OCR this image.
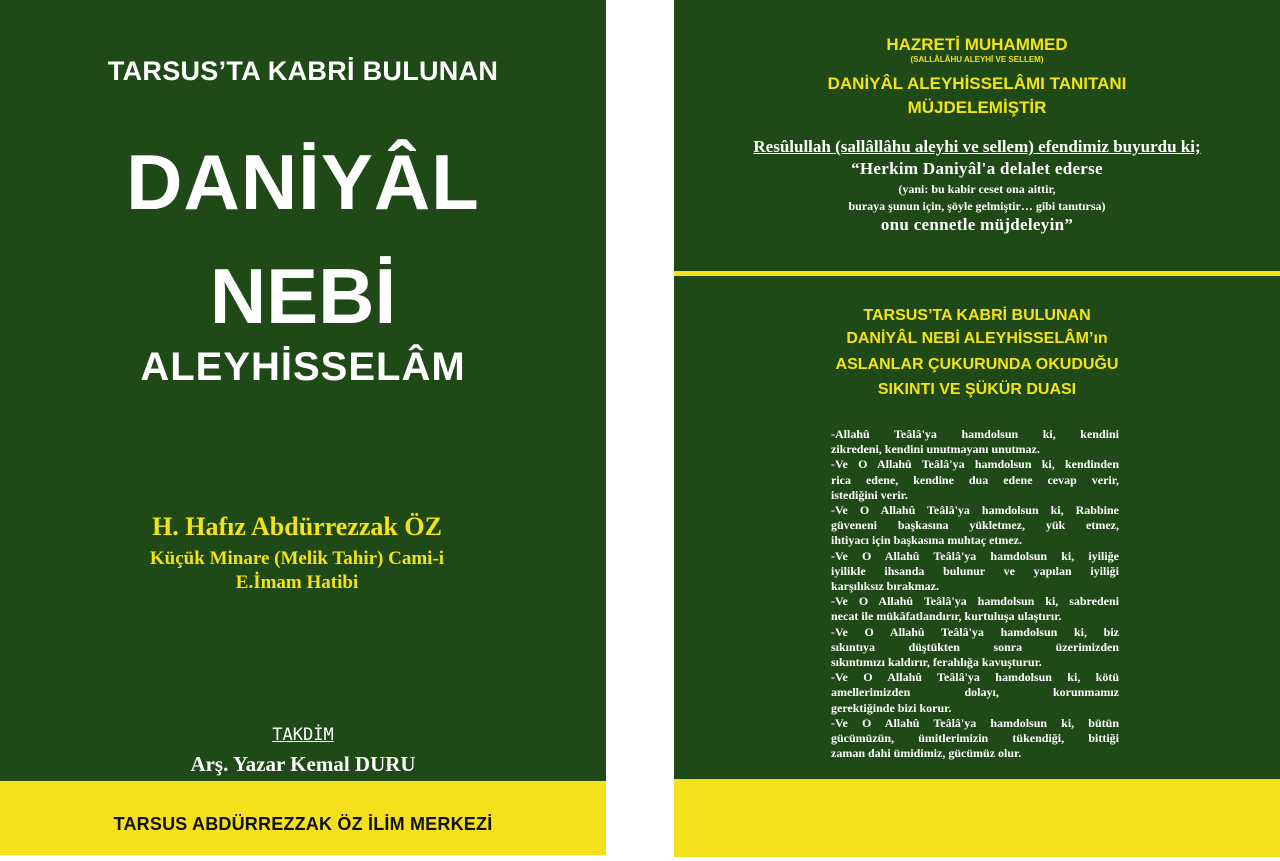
TARSUS’TA KABRİ BULUNAN
DANİYÂL
NEBİ
ALEYHİSSELÂM
H. Hafız Abdürrezzak ÖZ
Küçük Minare (Melik Tahir) Cami-i
E.İmam Hatibi
TAKDİM
Arş. Yazar Kemal DURU
TARSUS ABDÜRREZZAK ÖZ İLİM MERKEZİ
HAZRETİ MUHAMMED
(SALLÂLÂHU ALEYHİ VE SELLEM)
DANİYÂL ALEYHİSSELÂMI TANITANI
MÜJDELEMİŞTİR
Resûlullah (sallâllâhu aleyhi ve sellem) efendimiz buyurdu ki;
“Herkim Daniyâl'a delalet ederse
(yani: bu kabir ceset ona aittir,
buraya şunun için, şöyle gelmiştir… gibi tanıtırsa)
onu cennetle müjdeleyin”
TARSUS’TA KABRİ BULUNAN
DANİYÂL NEBİ ALEYHİSSELÂM’ın
ASLANLAR ÇUKURUNDA OKUDUĞU
SIKINTI VE ŞÜKÜR DUASI
-Allahû Teâlâ'ya hamdolsun ki, kendini
zikredeni, kendini unutmayanı unutmaz.
-Ve O Allahû Teâlâ'ya hamdolsun ki, kendinden
rica edene, kendine dua edene cevap verir,
istediğini verir.
-Ve O Allahû Teâlâ'ya hamdolsun ki, Rabbine
güveneni başkasına yükletmez, yük etmez,
ihtiyacı için başkasına muhtaç etmez.
-Ve O Allahû Teâlâ'ya hamdolsun ki, iyiliğe
iyilikle ihsanda bulunur ve yapılan iyiliği
karşılıksız bırakmaz.
-Ve O Allahû Teâlâ'ya hamdolsun ki, sabredeni
necat ile mükâfatlandırır, kurtuluşa ulaştırır.
-Ve O Allahû Teâlâ'ya hamdolsun ki, biz
sıkıntıya düştükten sonra üzerimizden
sıkıntımızı kaldırır, ferahlığa kavuşturur.
-Ve O Allahû Teâlâ'ya hamdolsun ki, kötü
amellerimizden dolayı, korunmamız
gerektiğinde bizi korur.
-Ve O Allahû Teâlâ'ya hamdolsun ki, bütün
gücümüzün, ümitlerimizin tükendiği, bittiği
zaman dahi ümidimiz, gücümüz olur.
